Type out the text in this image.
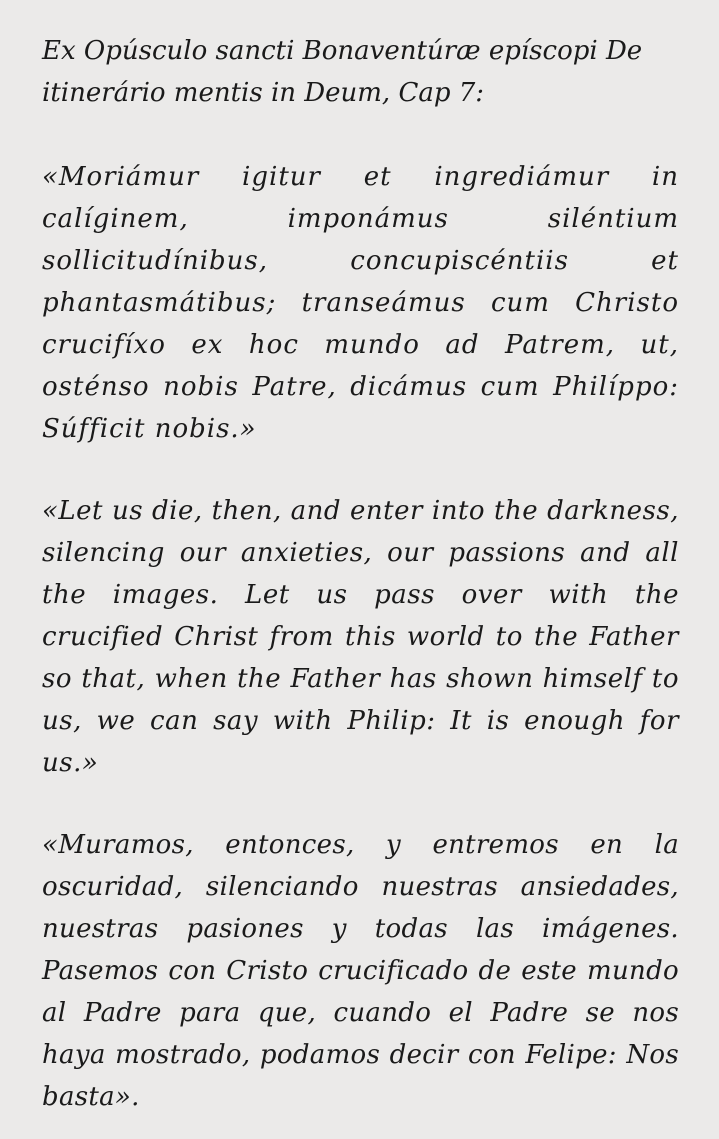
Ex Opúsculo sancti Bonaventúræ epíscopi De itinerário mentis in Deum, Cap 7:

«Moriámur igitur et ingrediámur in calíginem, imponámus siléntium sollicitudínibus, concupiscéntiis et phantasmátibus; transeámus cum Christo crucifíxo ex hoc mundo ad Patrem, ut, osténso nobis Patre, dicámus cum Philíppo: Súfficit nobis.»

«Let us die, then, and enter into the darkness, silencing our anxieties, our passions and all the images. Let us pass over with the crucified Christ from this world to the Father so that, when the Father has shown himself to us, we can say with Philip: It is enough for us.»

«Muramos, entonces, y entremos en la oscuridad, silenciando nuestras ansiedades, nuestras pasiones y todas las imágenes. Pasemos con Cristo crucificado de este mundo al Padre para que, cuando el Padre se nos haya mostrado, podamos decir con Felipe: Nos basta».
